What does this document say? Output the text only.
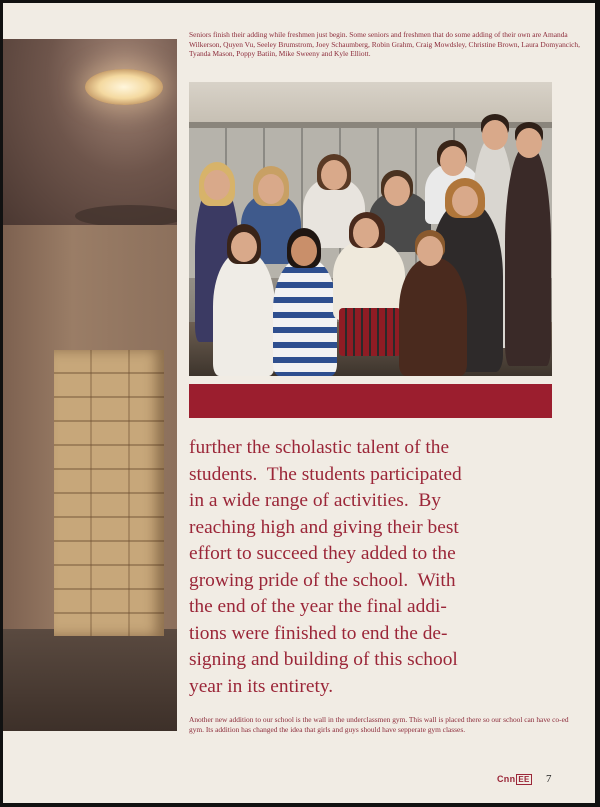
Seniors finish their adding while freshmen just begin. Some seniors and freshmen that do some adding of their own are Amanda Wilkerson, Quyen Vu, Seeley Brumstrom, Joey Schaumberg, Robin Grahm, Craig Mowdsley, Christine Brown, Laura Domyancich, Tyanda Mason, Poppy Batiin, Mike Sweeny and Kyle Elliott.

further the scholastic talent of the

students.  The students participated

in a wide range of activities.  By

reaching high and giving their best

effort to succeed they added to the

growing pride of the school.  With

the end of the year the final addi-

tions were finished to end the de-

signing and building of this school

year in its entirety.

Another new addition to our school is the wall in the underclassmen gym. This wall is placed there so our school can have co-ed gym. Its addition has changed the idea that girls and guys should have sepperate gym classes.
Cnn EE 7
